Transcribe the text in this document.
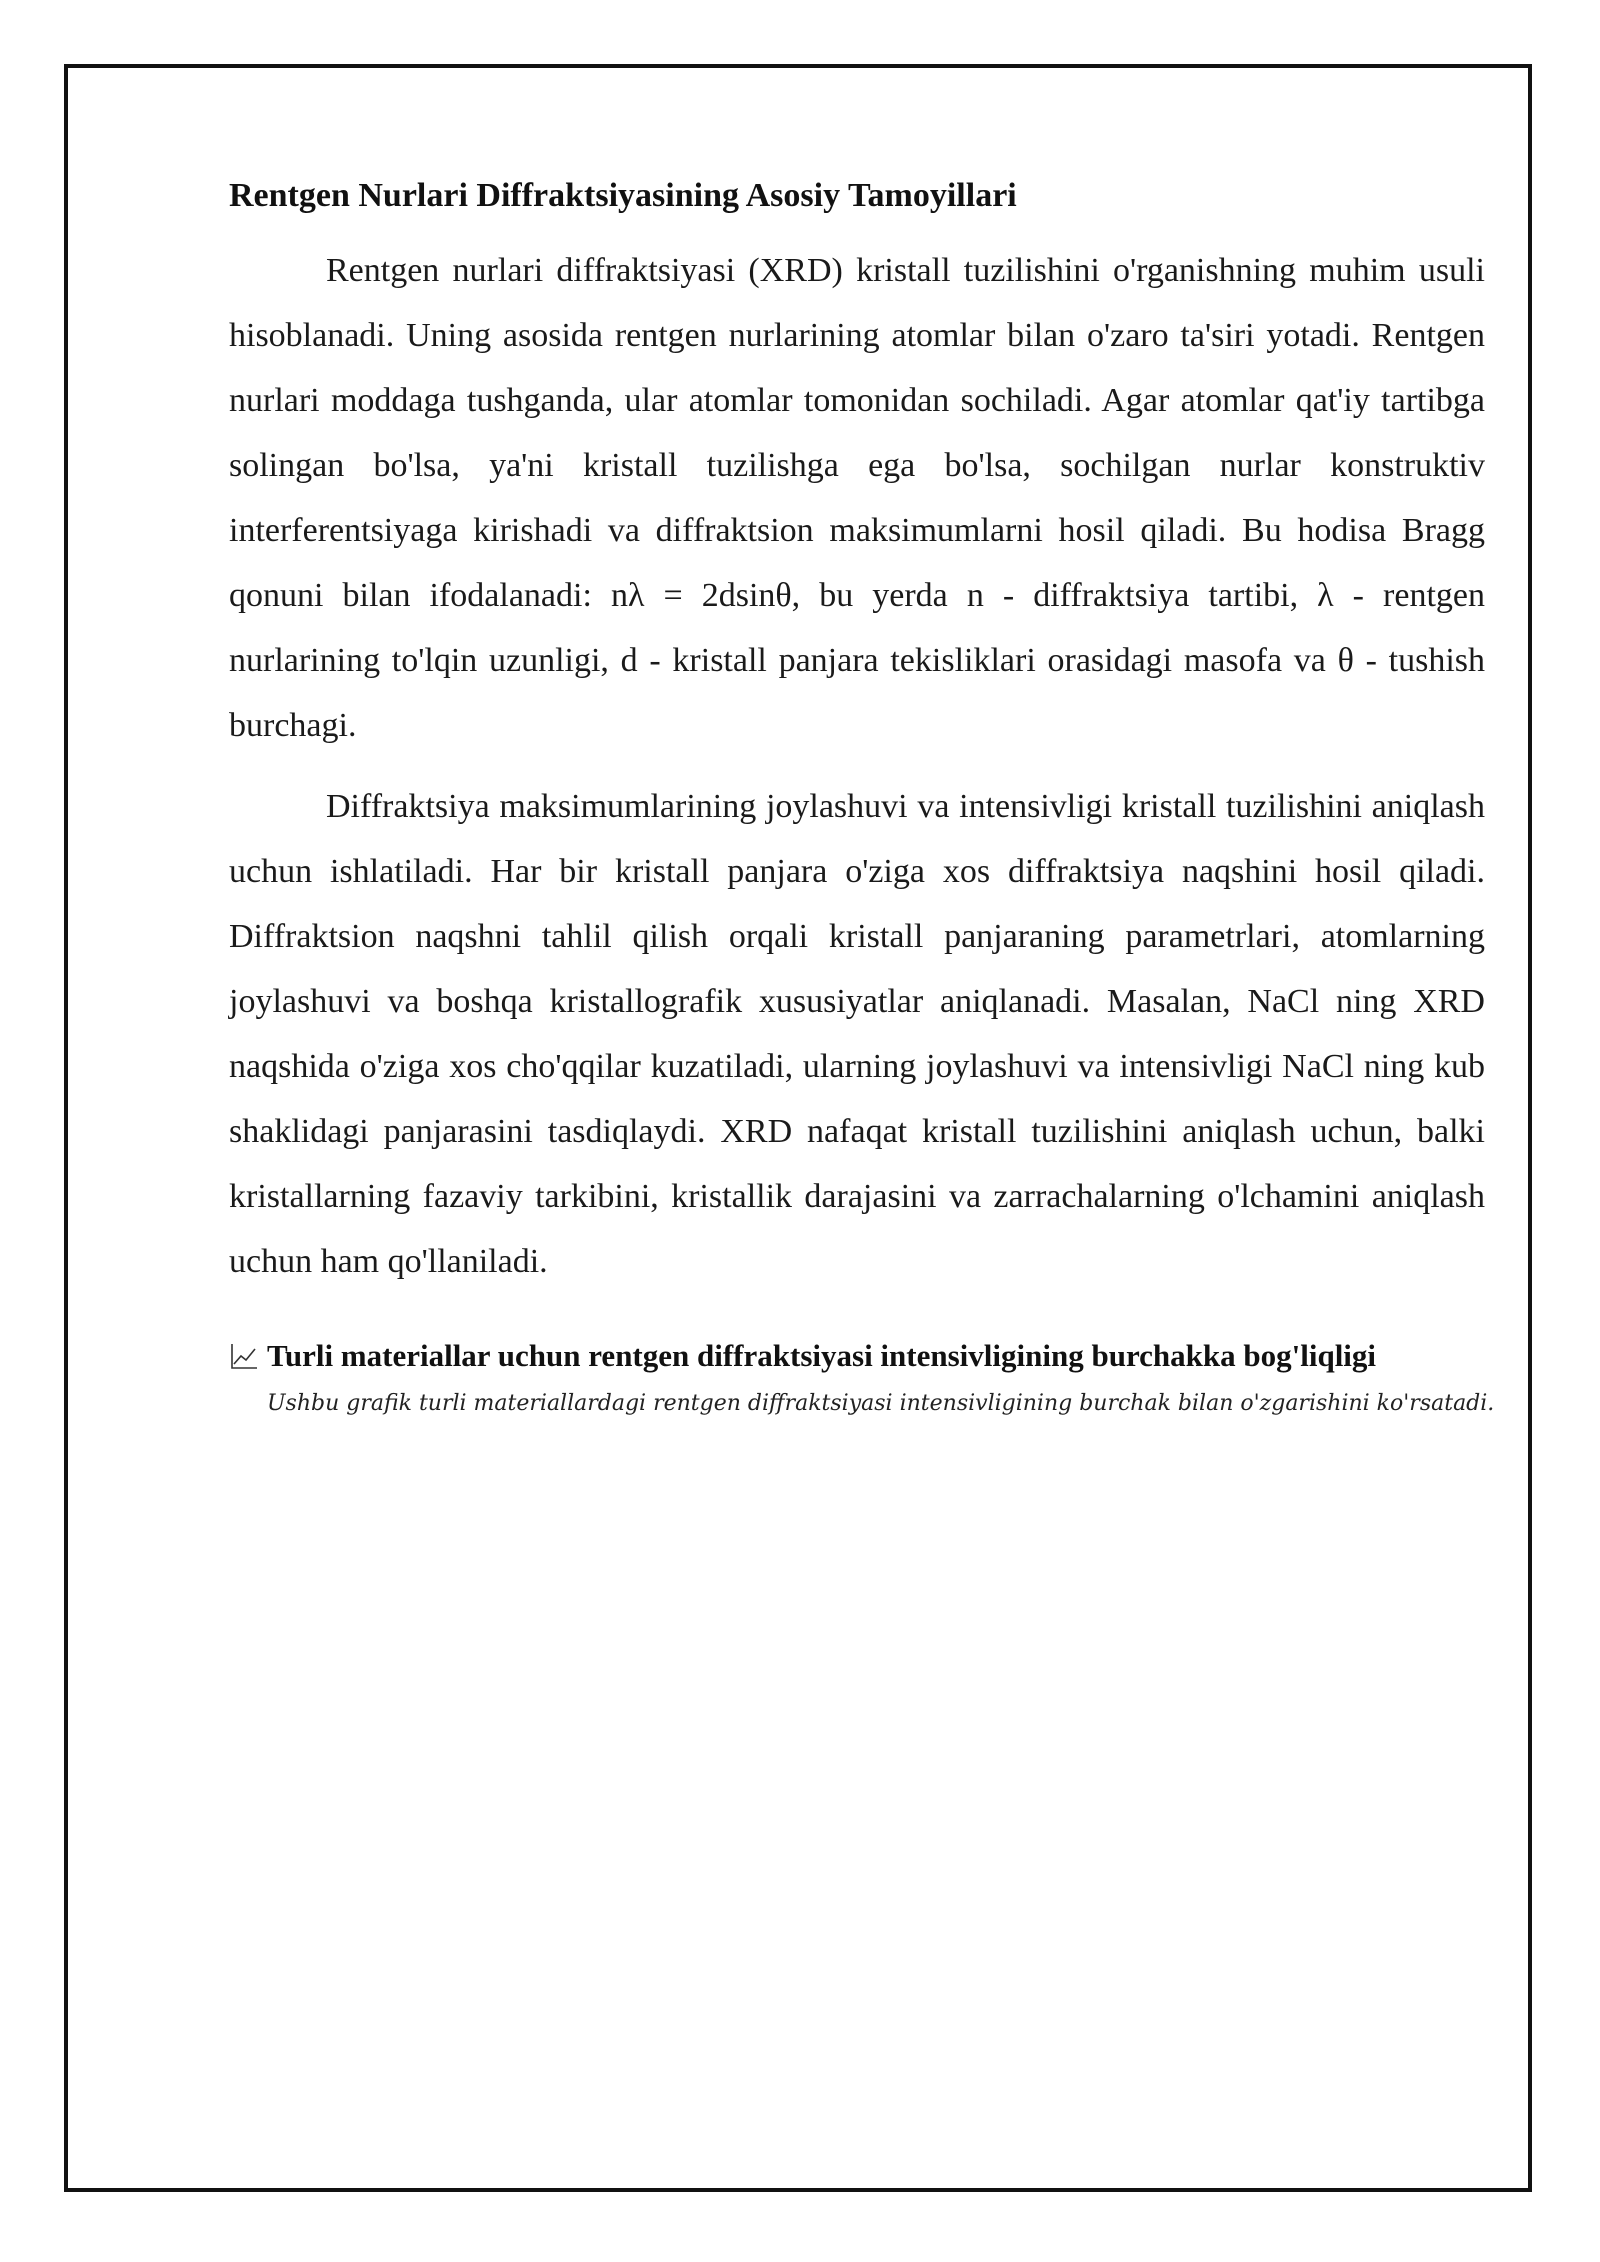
Rentgen Nurlari Diffraktsiyasining Asosiy Tamoyillari

Rentgen nurlari diffraktsiyasi (XRD) kristall tuzilishini o'rganishning muhim usuli hisoblanadi. Uning asosida rentgen nurlarining atomlar bilan o'zaro ta'siri yotadi. Rentgen nurlari moddaga tushganda, ular atomlar tomonidan sochiladi. Agar atomlar qat'iy tartibga solingan bo'lsa, ya'ni kristall tuzilishga ega bo'lsa, sochilgan nurlar konstruktiv interferentsiyaga kirishadi va diffraktsion maksimumlarni hosil qiladi. Bu hodisa Bragg qonuni bilan ifodalanadi: nλ = 2dsinθ, bu yerda n - diffraktsiya tartibi, λ - rentgen nurlarining to'lqin uzunligi, d - kristall panjara tekisliklari orasidagi masofa va θ - tushish burchagi.

Diffraktsiya maksimumlarining joylashuvi va intensivligi kristall tuzilishini aniqlash uchun ishlatiladi. Har bir kristall panjara o'ziga xos diffraktsiya naqshini hosil qiladi. Diffraktsion naqshni tahlil qilish orqali kristall panjaraning parametrlari, atomlarning joylashuvi va boshqa kristallografik xususiyatlar aniqlanadi. Masalan, NaCl ning XRD naqshida o'ziga xos cho'qqilar kuzatiladi, ularning joylashuvi va intensivligi NaCl ning kub shaklidagi panjarasini tasdiqlaydi. XRD nafaqat kristall tuzilishini aniqlash uchun, balki kristallarning fazaviy tarkibini, kristallik darajasini va zarrachalarning o'lchamini aniqlash uchun ham qo'llaniladi.

Turli materiallar uchun rentgen diffraktsiyasi intensivligining burchakka bog'liqligi
Ushbu grafik turli materiallardagi rentgen diffraktsiyasi intensivligining burchak bilan o'zgarishini ko'rsatadi.
